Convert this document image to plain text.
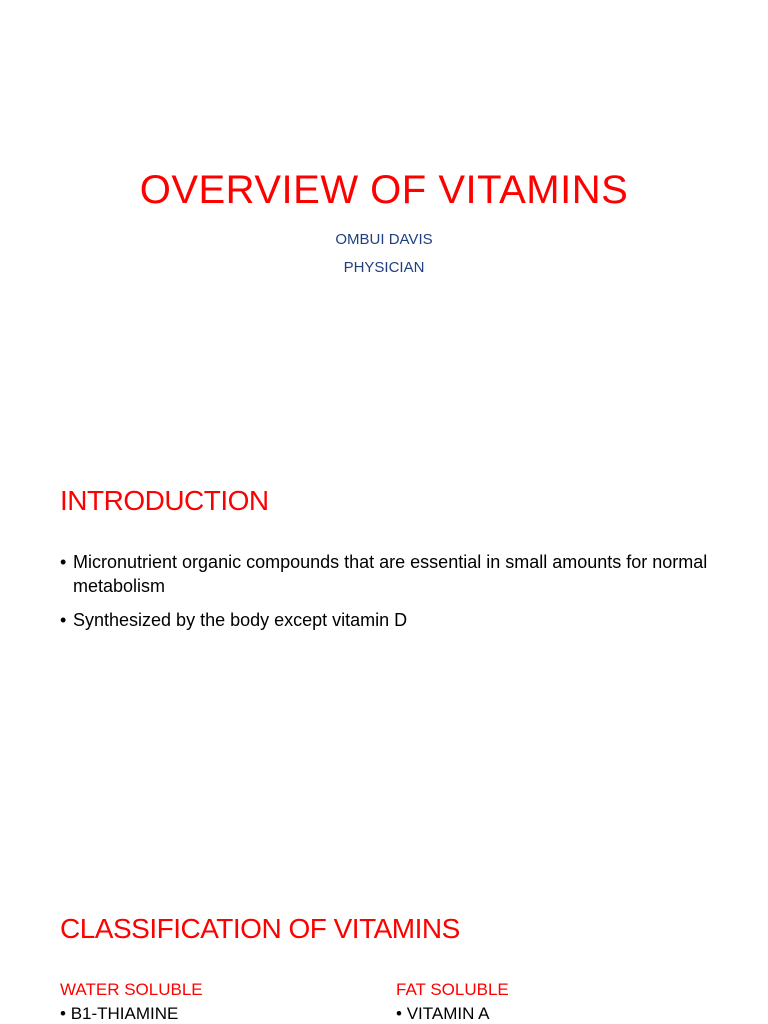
OVERVIEW OF VITAMINS
OMBUI DAVIS
PHYSICIAN
INTRODUCTION
• Micronutrient organic compounds that are essential in small amounts for normal metabolism
• Synthesized by the body except vitamin D
CLASSIFICATION OF VITAMINS
WATER SOLUBLE	FAT SOLUBLE
• B1-THIAMINE	• VITAMIN A
